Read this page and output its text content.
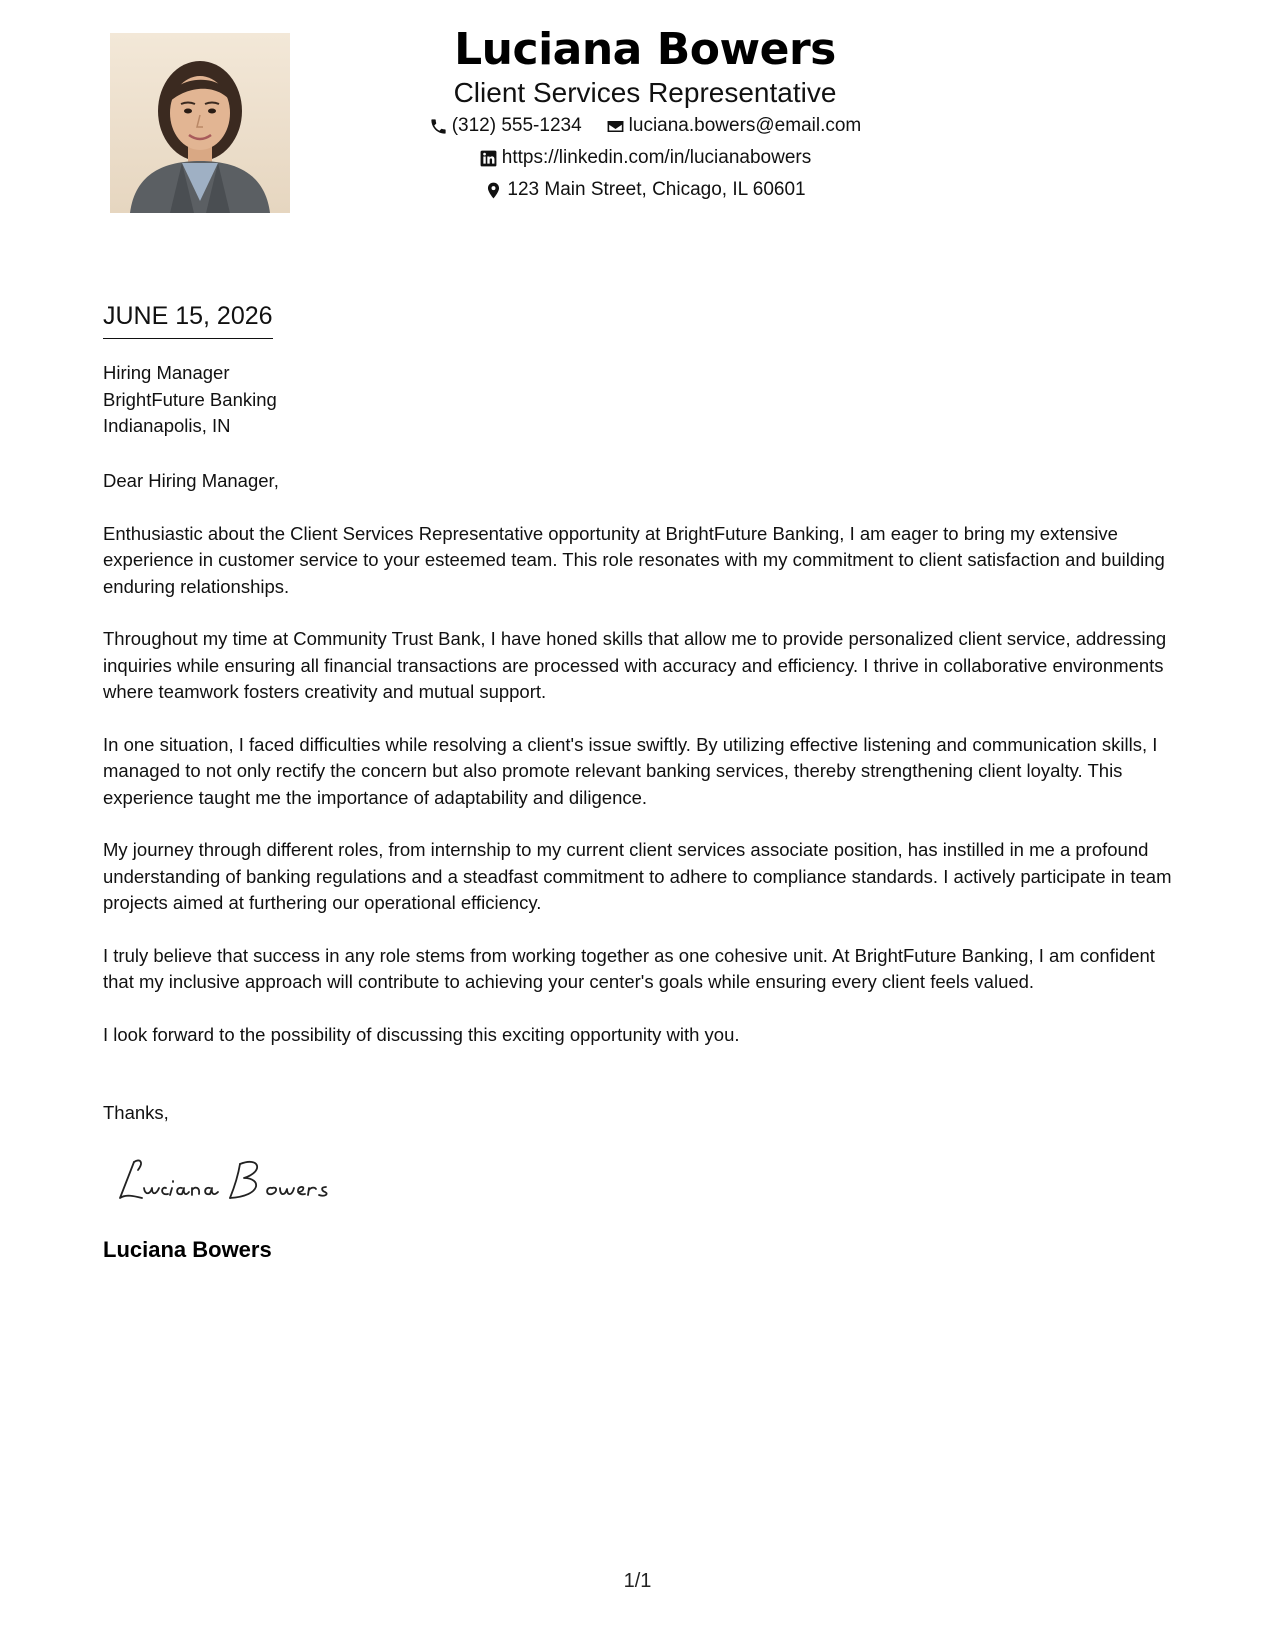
Luciana Bowers
Client Services Representative
(312) 555-1234 luciana.bowers@email.com
https://linkedin.com/in/lucianabowers
123 Main Street, Chicago, IL 60601
JUNE 15, 2026
Hiring Manager
BrightFuture Banking
Indianapolis, IN

Dear Hiring Manager,

Enthusiastic about the Client Services Representative opportunity at BrightFuture Banking, I am eager to bring my extensive experience in customer service to your esteemed team. This role resonates with my commitment to client satisfaction and building enduring relationships.

Throughout my time at Community Trust Bank, I have honed skills that allow me to provide personalized client service, addressing inquiries while ensuring all financial transactions are processed with accuracy and efficiency. I thrive in collaborative environments where teamwork fosters creativity and mutual support.

In one situation, I faced difficulties while resolving a client's issue swiftly. By utilizing effective listening and communication skills, I managed to not only rectify the concern but also promote relevant banking services, thereby strengthening client loyalty. This experience taught me the importance of adaptability and diligence.

My journey through different roles, from internship to my current client services associate position, has instilled in me a profound understanding of banking regulations and a steadfast commitment to adhere to compliance standards. I actively participate in team projects aimed at furthering our operational efficiency.

I truly believe that success in any role stems from working together as one cohesive unit. At BrightFuture Banking, I am confident that my inclusive approach will contribute to achieving your center's goals while ensuring every client feels valued.

I look forward to the possibility of discussing this exciting opportunity with you.

Thanks,
Luciana Bowers
1/1
